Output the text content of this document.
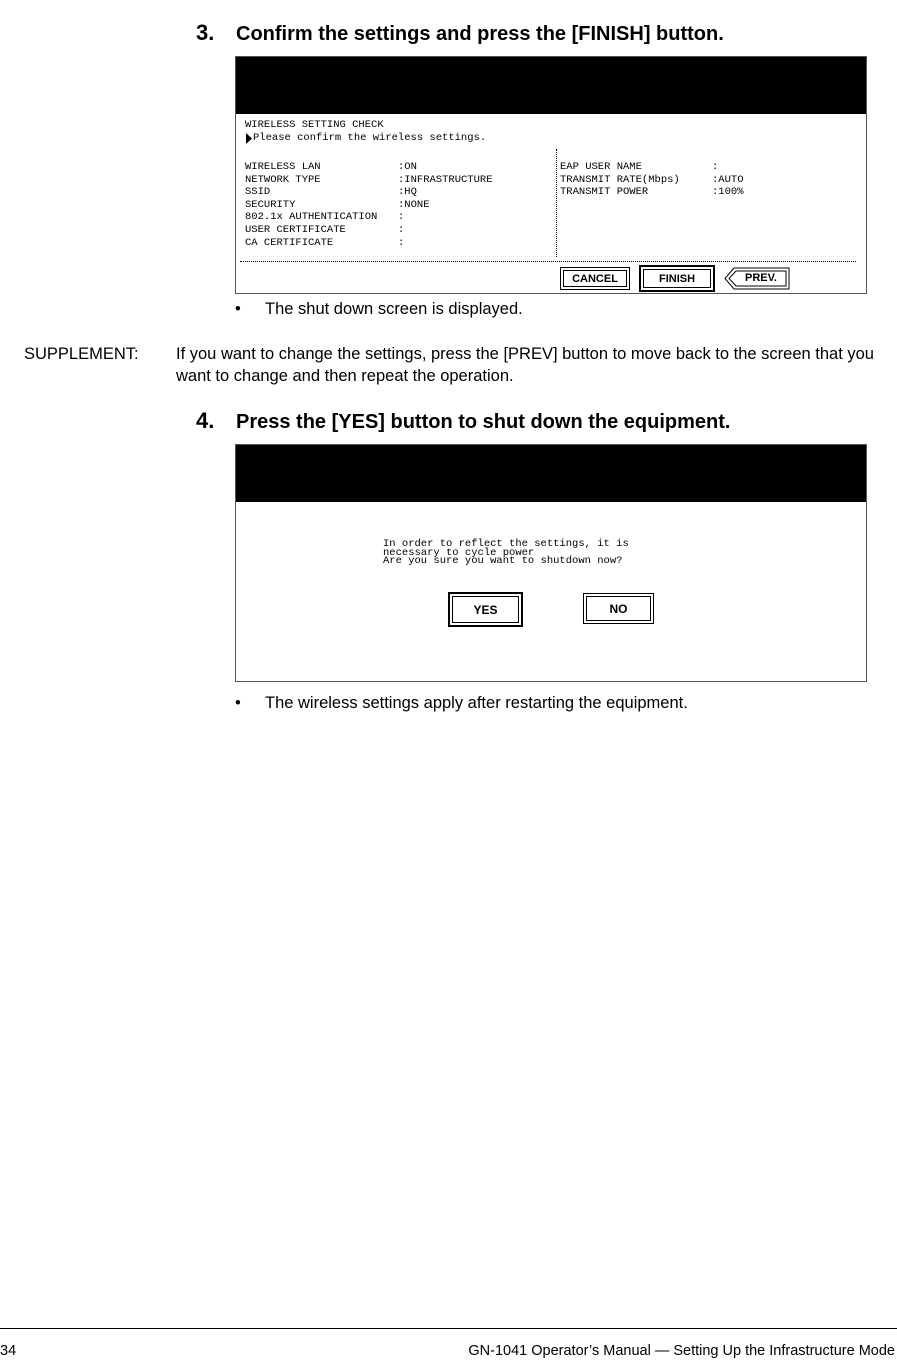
3.	Confirm the settings and press the [FINISH] button.
WIRELESS SETTING CHECK
Please confirm the wireless settings.
WIRELESS LAN	:ON
NETWORK TYPE	:INFRASTRUCTURE
SSID	:HQ
SECURITY	:NONE
802.1x AUTHENTICATION	:
USER CERTIFICATE	:
CA CERTIFICATE	:
EAP USER NAME	:
TRANSMIT RATE(Mbps)	:AUTO
TRANSMIT POWER	:100%
CANCEL	FINISH	PREV.
•	The shut down screen is displayed.
SUPPLEMENT: If you want to change the settings, press the [PREV] button to move back to the screen that you want to change and then repeat the operation.
4.	Press the [YES] button to shut down the equipment.
In order to reflect the settings, it is
necessary to cycle power
Are you sure you want to shutdown now?
YES	NO
•	The wireless settings apply after restarting the equipment.
34	GN-1041 Operator’s Manual — Setting Up the Infrastructure Mode
